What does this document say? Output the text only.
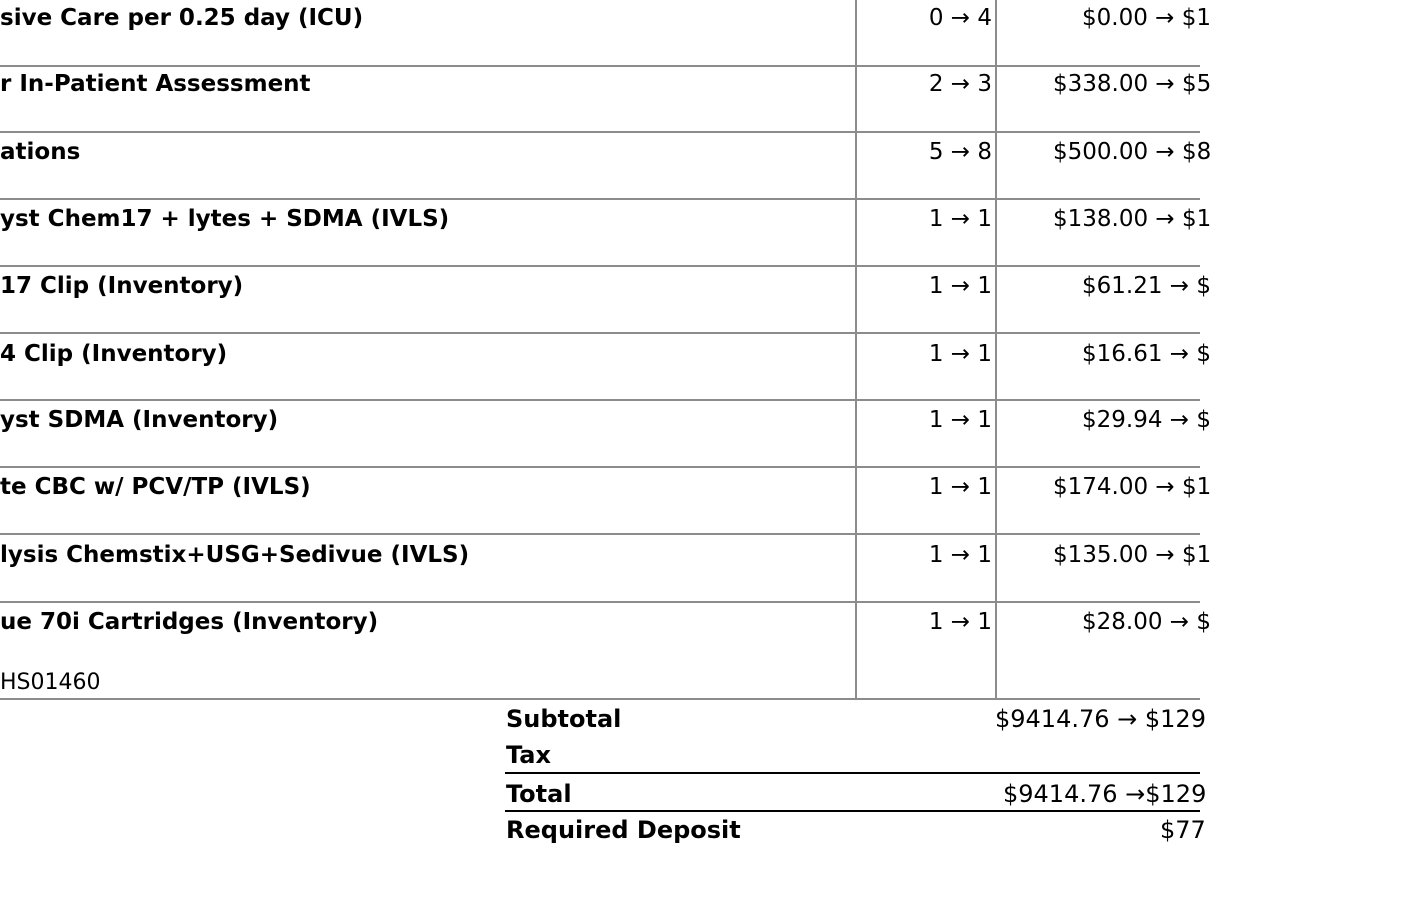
sive Care per 0.25 day (ICU)	0 → 4	$0.00 → $1
r In-Patient Assessment	2 → 3	$338.00 → $5
ations	5 → 8	$500.00 → $8
yst Chem17 + lytes + SDMA (IVLS)	1 → 1	$138.00 → $1
17 Clip (Inventory)	1 → 1	$61.21 → $
4 Clip (Inventory)	1 → 1	$16.61 → $
yst SDMA (Inventory)	1 → 1	$29.94 → $
te CBC w/ PCV/TP (IVLS)	1 → 1	$174.00 → $1
lysis Chemstix+USG+Sedivue (IVLS)	1 → 1	$135.00 → $1
ue 70i Cartridges (Inventory)	1 → 1	$28.00 → $
HS01460
Subtotal	$9414.76 → $129
Tax
Total	$9414.76 →$129
Required Deposit	$77
